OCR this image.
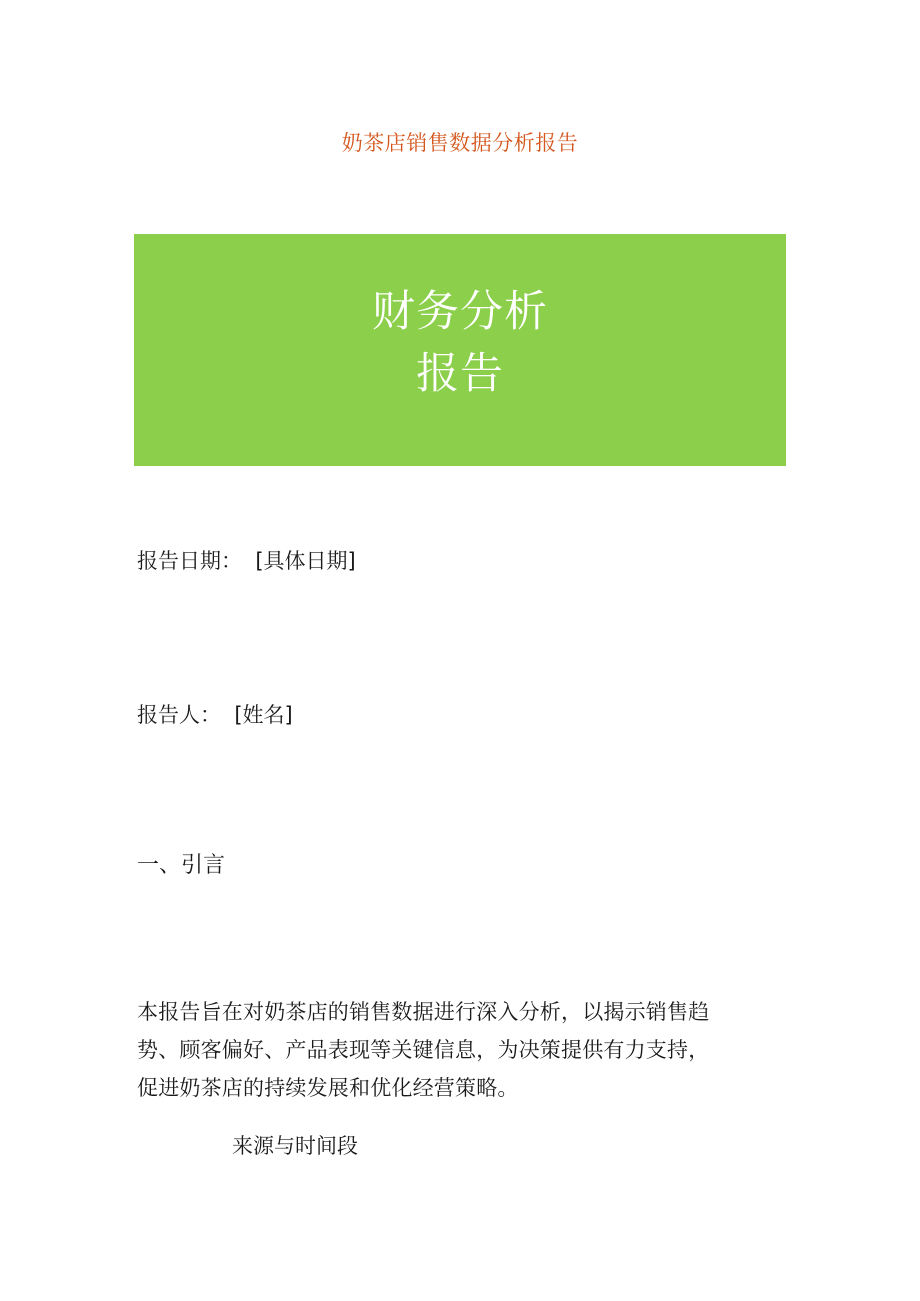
奶茶店销售数据分析报告
财务分析
报告
报告日期： [具体日期]
报告人： [姓名]
一、引言
本报告旨在对奶茶店的销售数据进行深入分析，以揭示销售趋
势、顾客偏好、产品表现等关键信息，为决策提供有力支持，
促进奶茶店的持续发展和优化经营策略。
来源与时间段
